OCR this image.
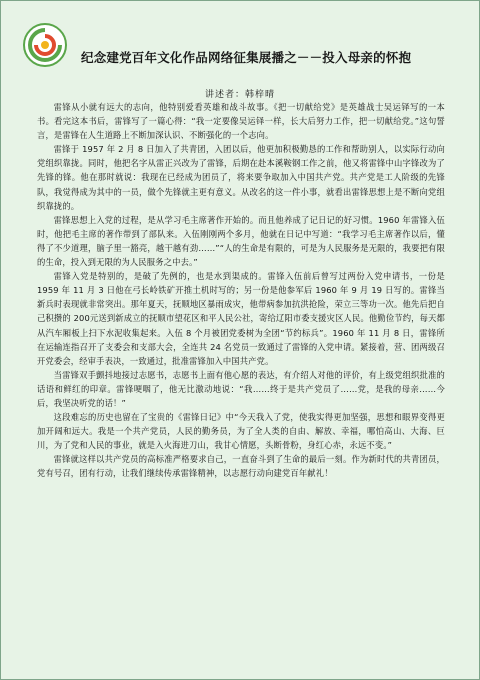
纪念建党百年文化作品网络征集展播之－－投入母亲的怀抱
讲述者：韩梓晴

雷锋从小就有远大的志向，他特别爱看英雄和战斗故事。《把一切献给党》是英雄战士吴运铎写的一本书。看完这本书后，雷锋写了一篇心得：“我一定要像吴运铎一样，长大后努力工作，把一切献给党。”这句誓言，是雷锋在人生道路上不断加深认识、不断强化的一个志向。

雷锋于 1957 年 2 月 8 日加入了共青团，入团以后，他更加积极勤恳的工作和帮助别人，以实际行动向党组织靠拢。同时，他把名字从雷正兴改为了雷锋，后期在赴本溪鞍钢工作之前，他又将雷锋中山字锋改为了先锋的锋。他在那时就说：我现在已经成为团员了，将来要争取加入中国共产党。共产党是工人阶级的先锋队，我觉得成为其中的一员，做个先锋就主更有意义。从改名的这一件小事，就看出雷锋思想上是不断向党组织靠拢的。

雷锋思想上入党的过程，是从学习毛主席著作开始的。而且他养成了记日记的好习惯。1960 年雷锋入伍时，他把毛主席的著作带到了部队来。入伍刚刚两个多月，他就在日记中写道：“我学习毛主席著作以后，懂得了不少道理，脑子里一豁亮，越干越有劲……”“人的生命是有限的，可是为人民服务是无限的，我要把有限的生命，投入到无限的为人民服务之中去。”

雷锋入党是特别的，是破了先例的，也是水到渠成的。雷锋入伍前后曾写过两份入党申请书，一份是 1959 年 11 月 3 日他在弓长岭铁矿开推土机时写的；另一份是他参军后 1960 年 9 月 19 日写的。雷锋当新兵时表现就非常突出。那年夏天，抚顺地区暴雨成灾，他带病参加抗洪抢险，荣立三等功一次。他先后把自己积攒的 200元送到新成立的抚顺市望花区和平人民公社，寄给辽阳市委支援灾区人民。他勤俭节约，每天都从汽车厢板上扫下水泥收集起来。入伍 8 个月被团党委树为全团“节约标兵”。1960 年 11 月 8 日，雷锋所在运输连指召开了支委会和支部大会，全连共 24 名党员一致通过了雷锋的入党申请。紧接着，营、团两级召开党委会，经审手表决，一致通过，批准雷锋加入中国共产党。

当雷锋双手颤抖地接过志愿书，志愿书上面有他心愿的表达，有介绍人对他的评价，有上级党组织批准的话语和鲜红的印章。雷锋哽咽了，他无比激动地说：“我……终于是共产党员了……党，是我的母亲……今后，我坚决听党的话！”

这段难忘的历史也留在了宝贵的《雷锋日记》中“今天我入了党，使我实得更加坚强，思想和眼界变得更加开阔和远大。我是一个共产党员，人民的勤务员，为了全人类的自由、解放、幸福，哪怕高山、大海、巨川，为了党和人民的事业，就是入火海进刀山，我甘心情愿，头断骨粉，身红心赤，永远不变。”

雷锋就这样以共产党员的高标准严格要求自己，一直奋斗到了生命的最后一刻。作为新时代的共青团员，党有号召，团有行动，让我们继续传承雷锋精神，以志愿行动向建党百年献礼！
